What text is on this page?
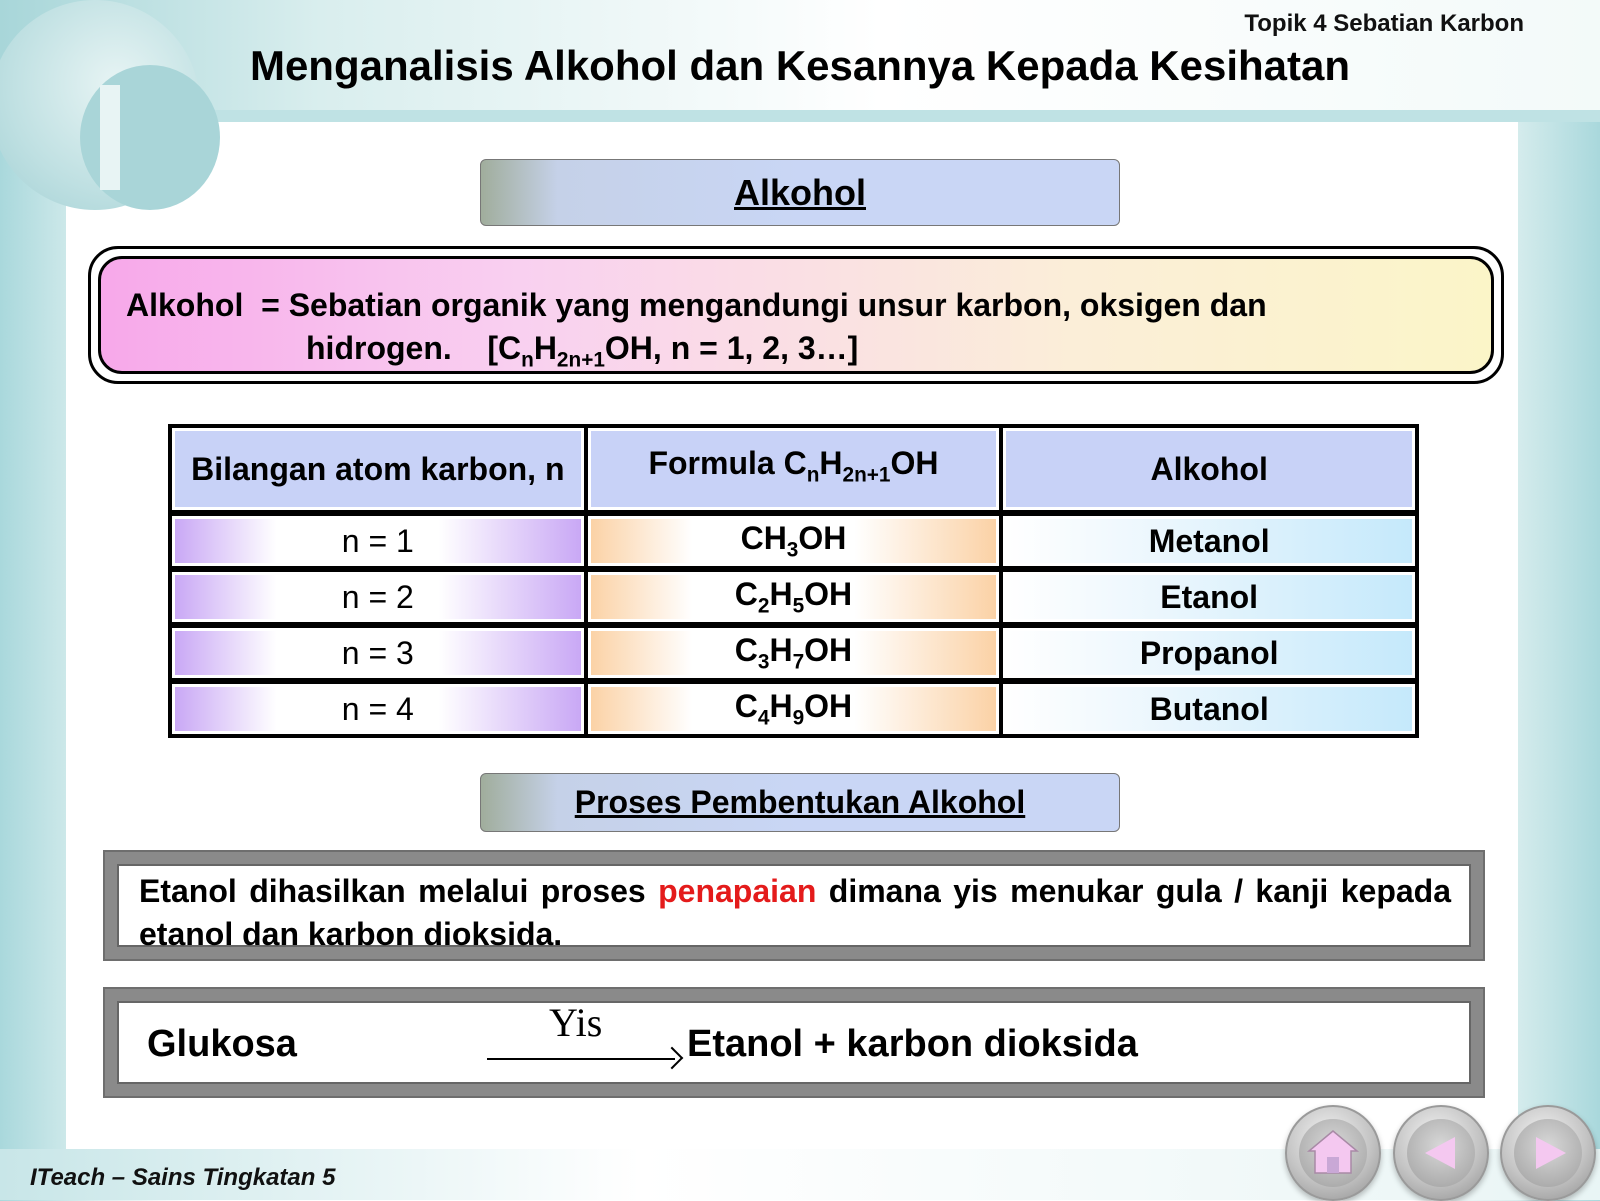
Topik 4 Sebatian Karbon
Menganalisis Alkohol dan Kesannya Kepada Kesihatan
Alkohol
Alkohol = Sebatian organik yang mengandungi unsur karbon, oksigen dan
hidrogen.    [$C_nH_{2n+1}OH$, n = 1, 2, 3…]
Bilangan atom karbon, n		Formula $C_nH_{2n+1}OH$		Alkohol

n = 1		$CH_3OH$		Metanol

n = 2		$C_2H_5OH$		Etanol

n = 3		$C_3H_7OH$		Propanol

n = 4		$C_4H_9OH$		Butanol
Proses Pembentukan Alkohol
Etanol dihasilkan melalui proses penapaian dimana yis menukar gula / kanji kepada etanol dan karbon dioksida.
Glukosa	Yis Etanol + karbon dioksida
ITeach – Sains Tingkatan 5
